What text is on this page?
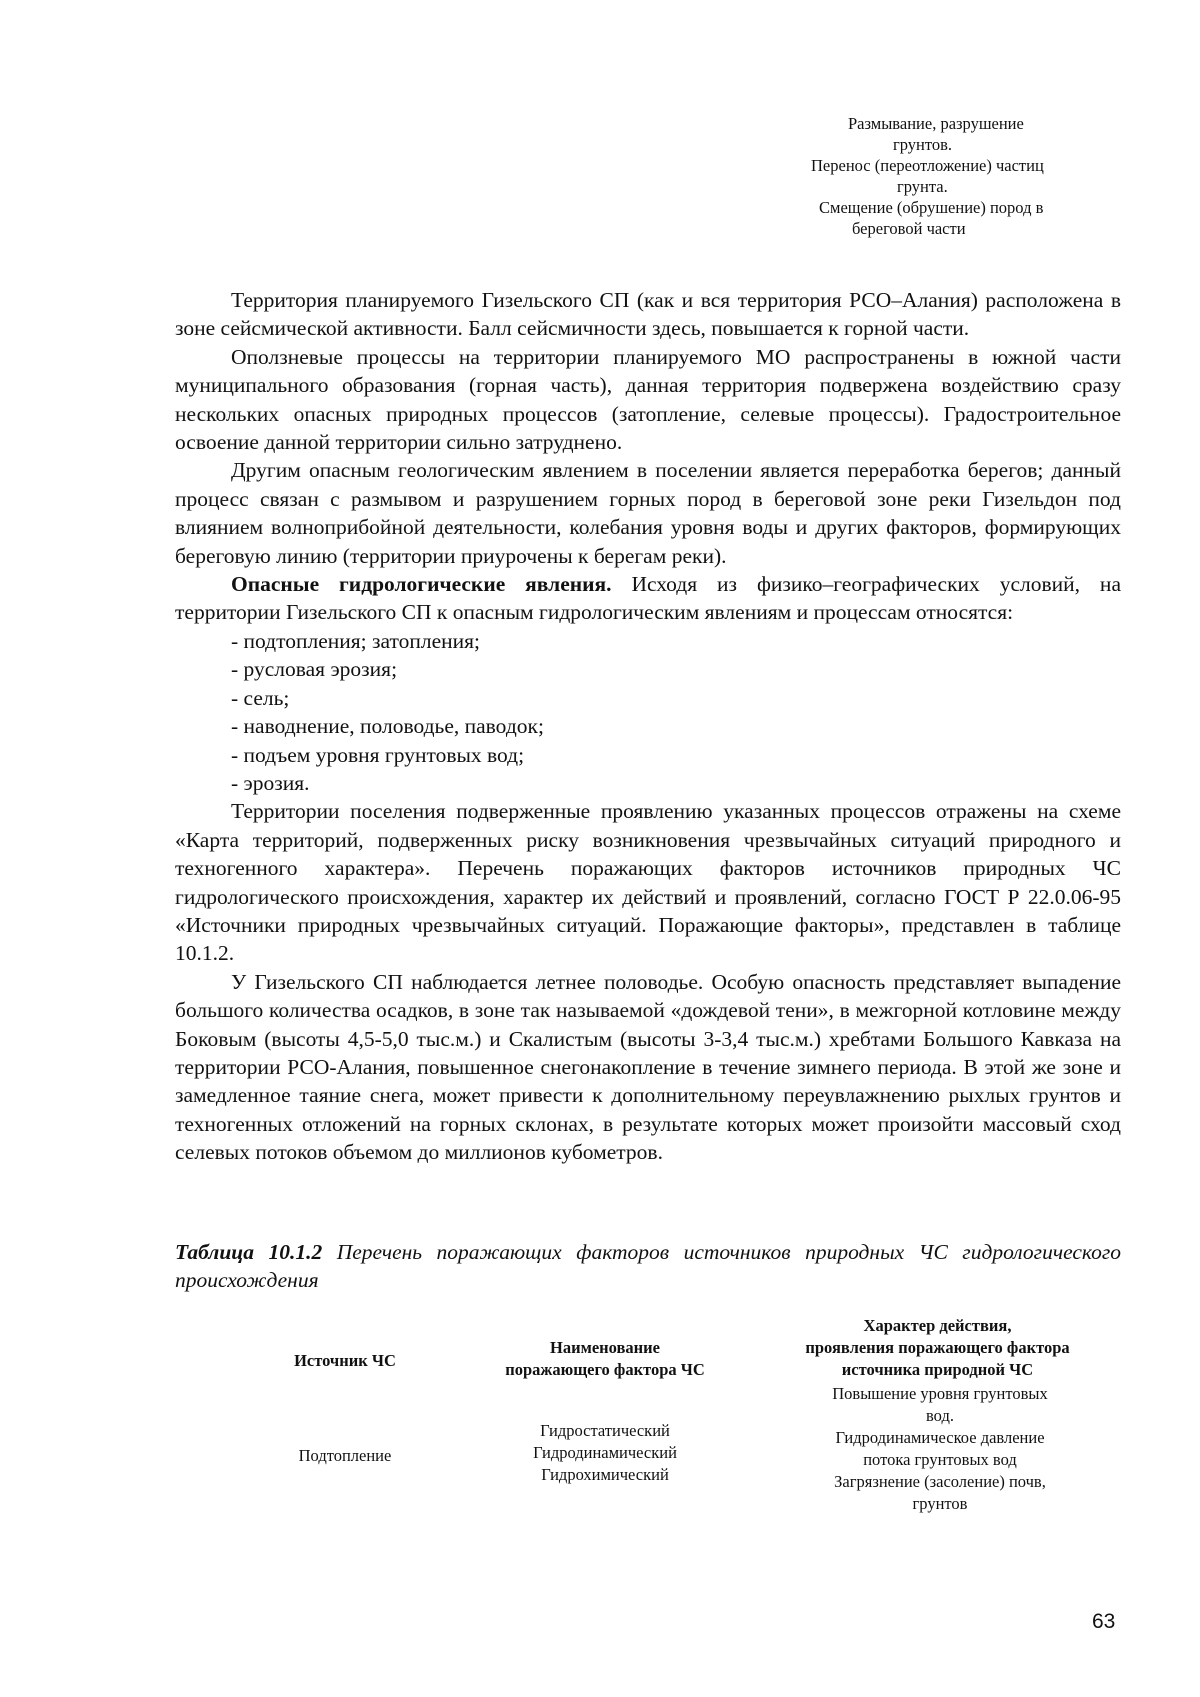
Размывание, разрушение
грунтов.
Перенос (переотложение) частиц
грунта.
Смещение (обрушение) пород в
береговой части

Территория планируемого Гизельского СП (как и вся территория РСО–Алания) расположена в зоне сейсмической активности. Балл сейсмичности здесь, повышается к горной части.

Оползневые процессы на территории планируемого МО распространены в южной части муниципального образования (горная часть), данная территория подвержена воздействию сразу нескольких опасных природных процессов (затопление, селевые процессы). Градостроительное освоение данной территории сильно затруднено.

Другим опасным геологическим явлением в поселении является переработка берегов; данный процесс связан с размывом и разрушением горных пород в береговой зоне реки Гизельдон под влиянием волноприбойной деятельности, колебания уровня воды и других факторов, формирующих береговую линию (территории приурочены к берегам реки).

Опасные гидрологические явления. Исходя из физико–географических условий, на территории Гизельского СП к опасным гидрологическим явлениям и процессам относятся:

- подтопления; затопления;
- русловая эрозия;
- сель;
- наводнение, половодье, паводок;
- подъем уровня грунтовых вод;
- эрозия.

Территории поселения подверженные проявлению указанных процессов отражены на схеме «Карта территорий, подверженных риску возникновения чрезвычайных ситуаций природного и техногенного характера». Перечень поражающих факторов источников природных ЧС гидрологического происхождения, характер их действий и проявлений, согласно ГОСТ Р 22.0.06-95 «Источники природных чрезвычайных ситуаций. Поражающие факторы», представлен в таблице 10.1.2.

У Гизельского СП наблюдается летнее половодье. Особую опасность представляет выпадение большого количества осадков, в зоне так называемой «дождевой тени», в межгорной котловине между Боковым (высоты 4,5-5,0 тыс.м.) и Скалистым (высоты 3-3,4 тыс.м.) хребтами Большого Кавказа на территории РСО-Алания, повышенное снегонакопление в течение зимнего периода. В этой же зоне и замедленное таяние снега, может привести к дополнительному переувлажнению рыхлых грунтов и техногенных отложений на горных склонах, в результате которых может произойти массовый сход селевых потоков объемом до миллионов кубометров.

Таблица 10.1.2 Перечень поражающих факторов источников природных ЧС гидрологического происхождения
Источник ЧС
Наименование
поражающего фактора ЧС
Характер действия,
проявления поражающего фактора
источника природной ЧС
Подтопление
Гидростатический
Гидродинамический
Гидрохимический
Повышение уровня грунтовых
вод.
Гидродинамическое давление
потока грунтовых вод
Загрязнение (засоление) почв,
грунтов
63
